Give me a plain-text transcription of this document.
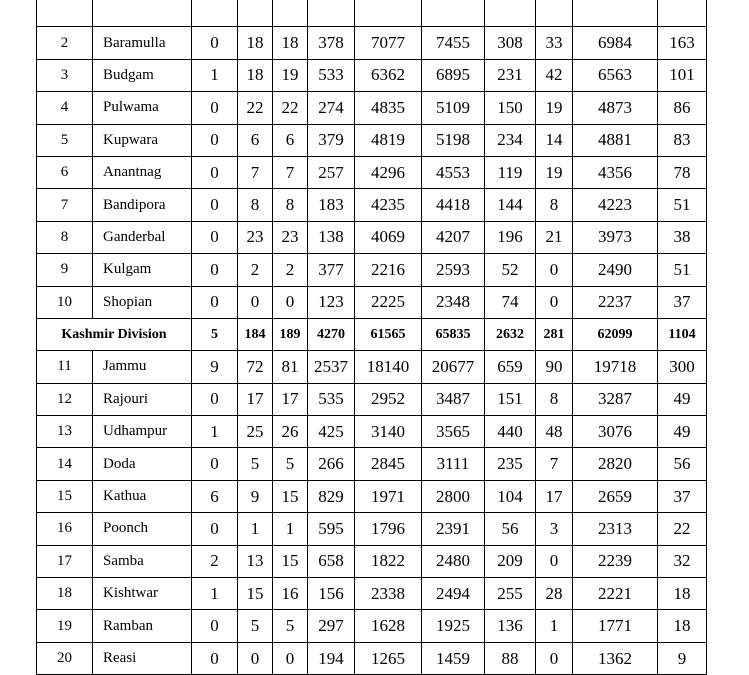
2	Baramulla	0	18	18	378	7077	7455	308	33	6984	163
3	Budgam	1	18	19	533	6362	6895	231	42	6563	101
4	Pulwama	0	22	22	274	4835	5109	150	19	4873	86
5	Kupwara	0	6	6	379	4819	5198	234	14	4881	83
6	Anantnag	0	7	7	257	4296	4553	119	19	4356	78
7	Bandipora	0	8	8	183	4235	4418	144	8	4223	51
8	Ganderbal	0	23	23	138	4069	4207	196	21	3973	38
9	Kulgam	0	2	2	377	2216	2593	52	0	2490	51
10	Shopian	0	0	0	123	2225	2348	74	0	2237	37
Kashmir Division		5	184	189	4270	61565	65835	2632	281	62099	1104
11	Jammu	9	72	81	2537	18140	20677	659	90	19718	300
12	Rajouri	0	17	17	535	2952	3487	151	8	3287	49
13	Udhampur	1	25	26	425	3140	3565	440	48	3076	49
14	Doda	0	5	5	266	2845	3111	235	7	2820	56
15	Kathua	6	9	15	829	1971	2800	104	17	2659	37
16	Poonch	0	1	1	595	1796	2391	56	3	2313	22
17	Samba	2	13	15	658	1822	2480	209	0	2239	32
18	Kishtwar	1	15	16	156	2338	2494	255	28	2221	18
19	Ramban	0	5	5	297	1628	1925	136	1	1771	18
20	Reasi	0	0	0	194	1265	1459	88	0	1362	9
